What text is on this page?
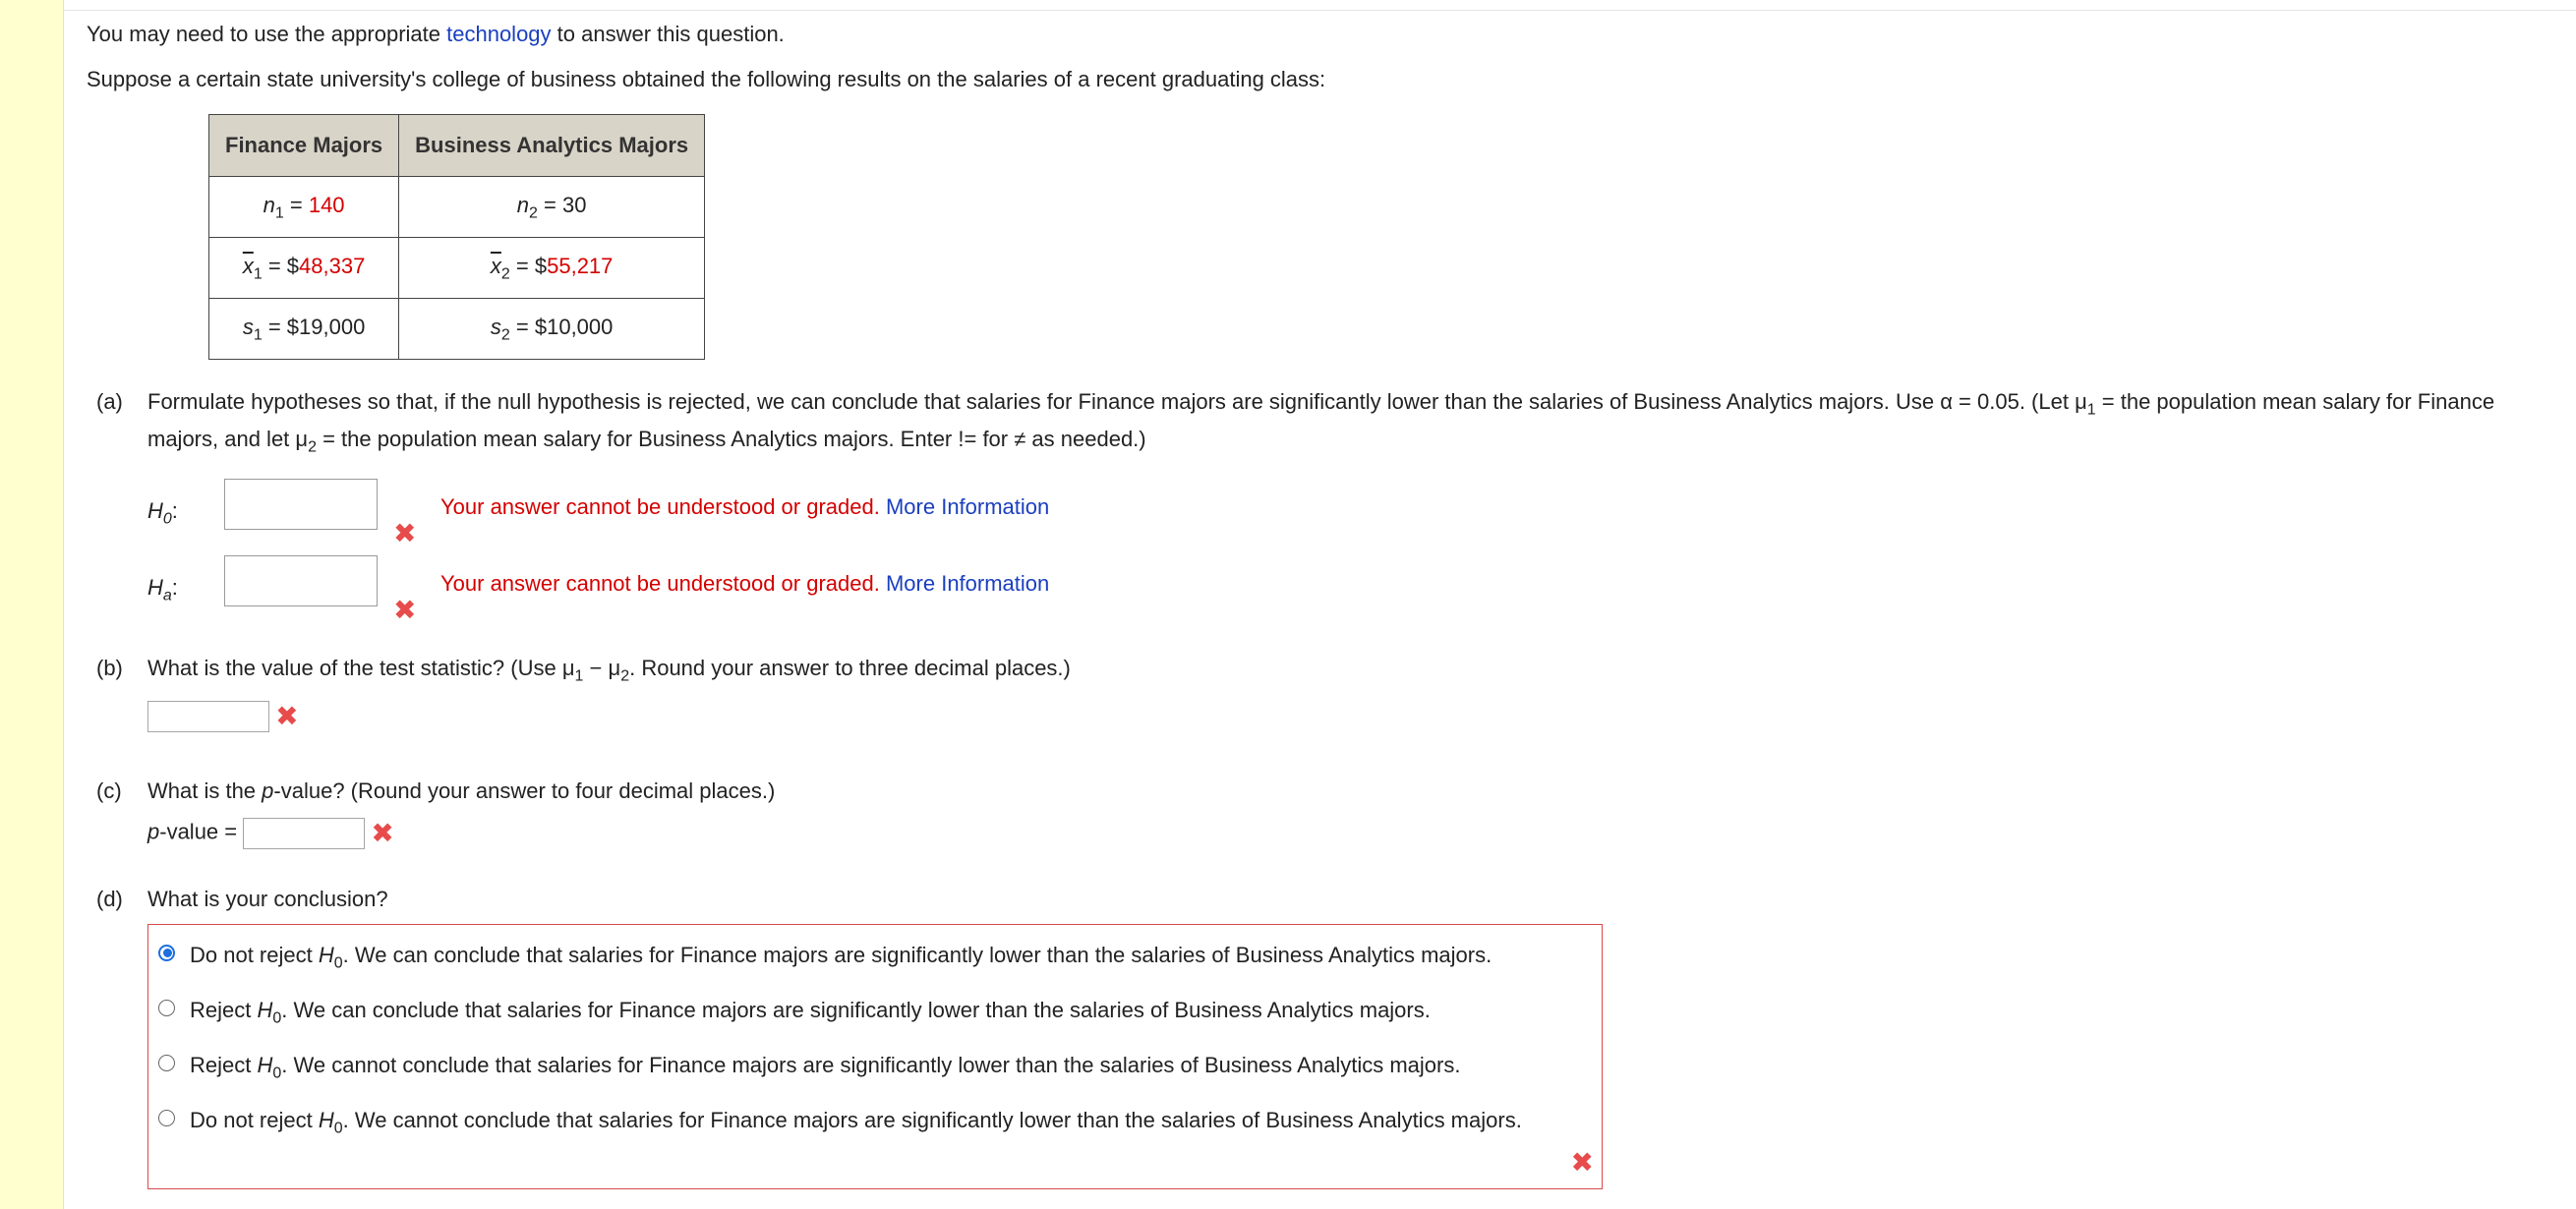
You may need to use the appropriate technology to answer this question.

Suppose a certain state university's college of business obtained the following results on the salaries of a recent graduating class:

Finance Majors	Business Analytics Majors
$n_1 = 140$	$n_2 = 30$
$\overline{x}_1$ = $48,337	$\overline{x}_2$ = $55,217
$s_1$ = $19,000	$s_2$ = $10,000
(a) Formulate hypotheses so that, if the null hypothesis is rejected, we can conclude that salaries for Finance majors are significantly lower than the salaries of Business Analytics majors. Use α = 0.05. (Let $\mu_1$ = the population mean salary for Finance majors, and let $\mu_2$ = the population mean salary for Business Analytics majors. Enter != for ≠ as needed.)

$H_0$:
✖
Your answer cannot be understood or graded. More Information
$H_a$:
✖
Your answer cannot be understood or graded. More Information
(b) What is the value of the test statistic? (Use $\mu_1 - \mu_2$. Round your answer to three decimal places.)

✖
(c) What is the p-value? (Round your answer to four decimal places.)

p-value =	✖
(d) What is your conclusion?

Do not reject $H_0$. We can conclude that salaries for Finance majors are significantly lower than the salaries of Business Analytics majors.
Reject $H_0$. We can conclude that salaries for Finance majors are significantly lower than the salaries of Business Analytics majors.
Reject $H_0$. We cannot conclude that salaries for Finance majors are significantly lower than the salaries of Business Analytics majors.
Do not reject $H_0$. We cannot conclude that salaries for Finance majors are significantly lower than the salaries of Business Analytics majors.
✖
